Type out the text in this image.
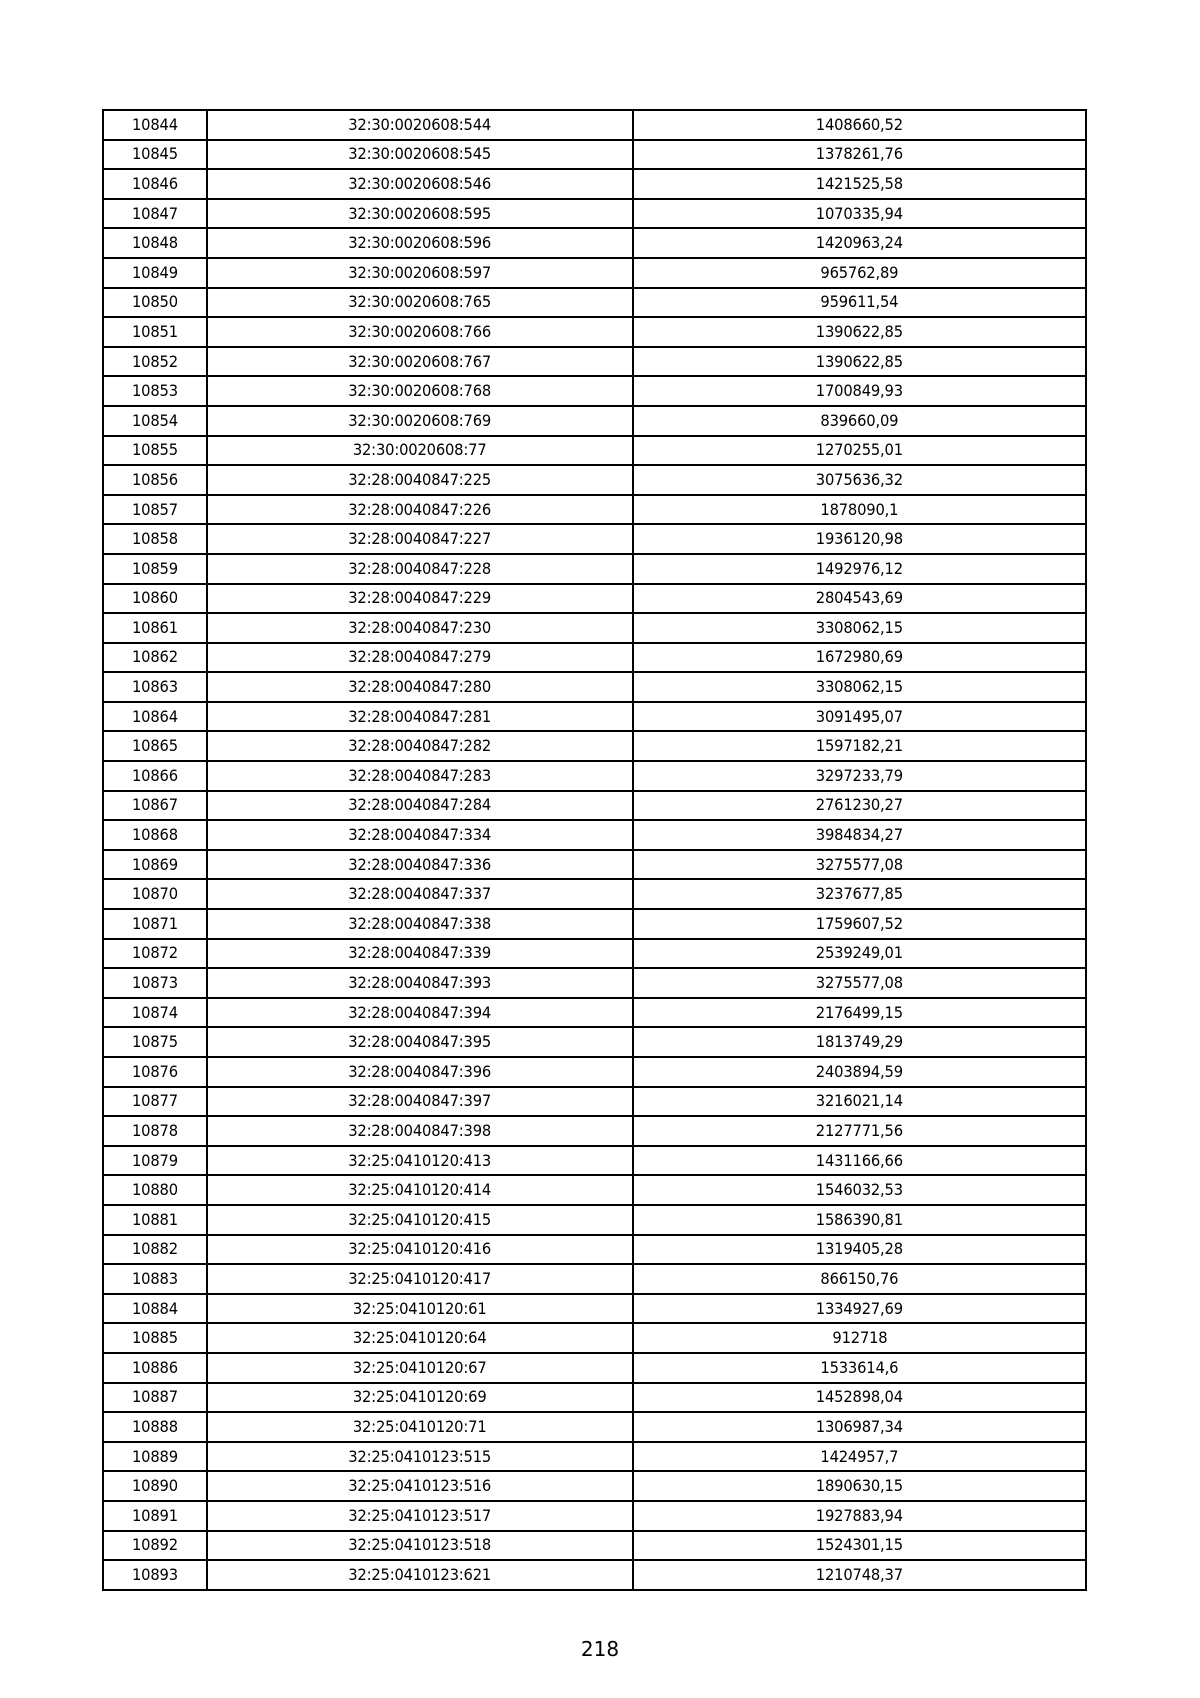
10844	32:30:0020608:544	1408660,52
10845	32:30:0020608:545	1378261,76
10846	32:30:0020608:546	1421525,58
10847	32:30:0020608:595	1070335,94
10848	32:30:0020608:596	1420963,24
10849	32:30:0020608:597	965762,89
10850	32:30:0020608:765	959611,54
10851	32:30:0020608:766	1390622,85
10852	32:30:0020608:767	1390622,85
10853	32:30:0020608:768	1700849,93
10854	32:30:0020608:769	839660,09
10855	32:30:0020608:77	1270255,01
10856	32:28:0040847:225	3075636,32
10857	32:28:0040847:226	1878090,1
10858	32:28:0040847:227	1936120,98
10859	32:28:0040847:228	1492976,12
10860	32:28:0040847:229	2804543,69
10861	32:28:0040847:230	3308062,15
10862	32:28:0040847:279	1672980,69
10863	32:28:0040847:280	3308062,15
10864	32:28:0040847:281	3091495,07
10865	32:28:0040847:282	1597182,21
10866	32:28:0040847:283	3297233,79
10867	32:28:0040847:284	2761230,27
10868	32:28:0040847:334	3984834,27
10869	32:28:0040847:336	3275577,08
10870	32:28:0040847:337	3237677,85
10871	32:28:0040847:338	1759607,52
10872	32:28:0040847:339	2539249,01
10873	32:28:0040847:393	3275577,08
10874	32:28:0040847:394	2176499,15
10875	32:28:0040847:395	1813749,29
10876	32:28:0040847:396	2403894,59
10877	32:28:0040847:397	3216021,14
10878	32:28:0040847:398	2127771,56
10879	32:25:0410120:413	1431166,66
10880	32:25:0410120:414	1546032,53
10881	32:25:0410120:415	1586390,81
10882	32:25:0410120:416	1319405,28
10883	32:25:0410120:417	866150,76
10884	32:25:0410120:61	1334927,69
10885	32:25:0410120:64	912718
10886	32:25:0410120:67	1533614,6
10887	32:25:0410120:69	1452898,04
10888	32:25:0410120:71	1306987,34
10889	32:25:0410123:515	1424957,7
10890	32:25:0410123:516	1890630,15
10891	32:25:0410123:517	1927883,94
10892	32:25:0410123:518	1524301,15
10893	32:25:0410123:621	1210748,37
218
